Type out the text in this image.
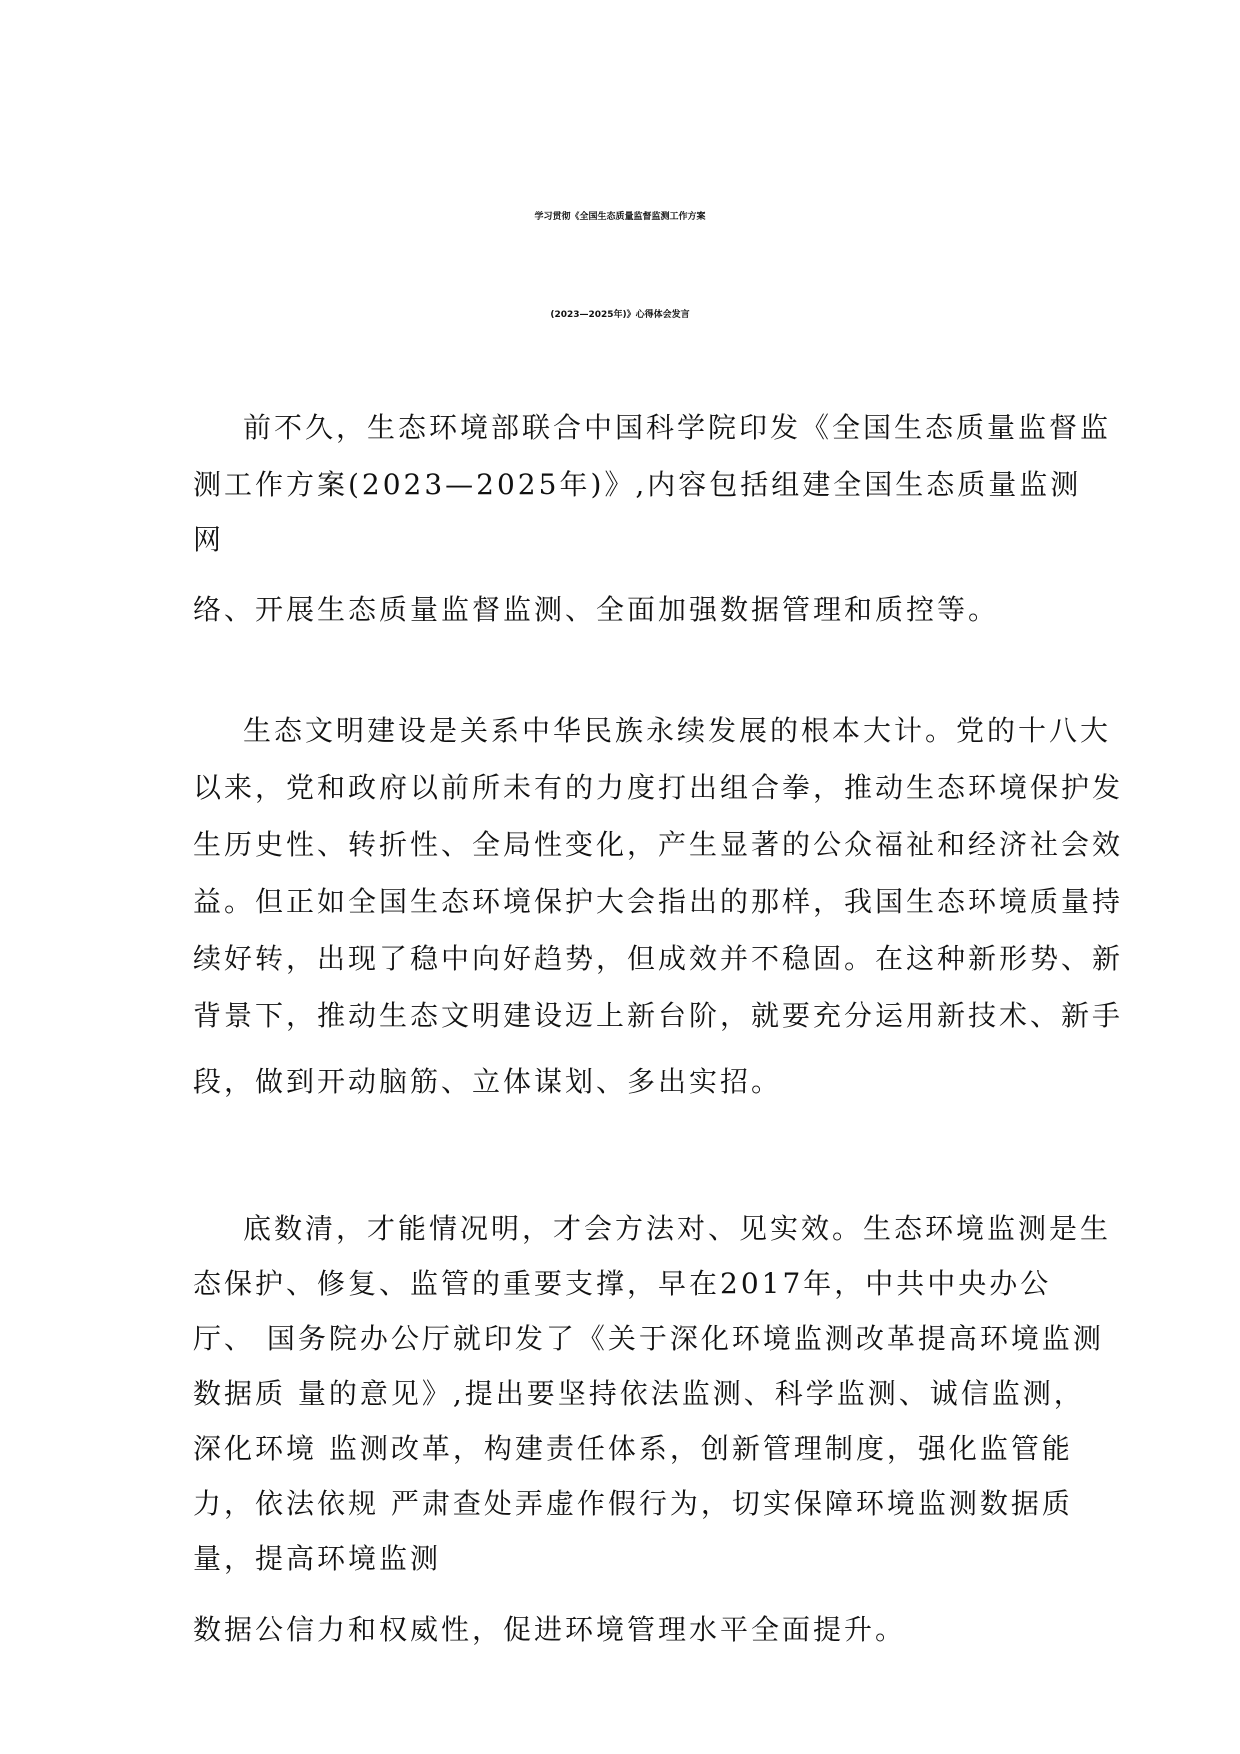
学习贯彻《全国生态质量监督监测工作方案
(2023—2025年)》心得体会发言
前不久，生态环境部联合中国科学院印发《全国生态质量监督监
测工作方案(2023—2025年)》,内容包括组建全国生态质量监测
网
络、开展生态质量监督监测、全面加强数据管理和质控等。
生态文明建设是关系中华民族永续发展的根本大计。党的十八大
以来，党和政府以前所未有的力度打出组合拳，推动生态环境保护发
生历史性、转折性、全局性变化，产生显著的公众福祉和经济社会效
益。但正如全国生态环境保护大会指出的那样，我国生态环境质量持
续好转，出现了稳中向好趋势，但成效并不稳固。在这种新形势、新
背景下，推动生态文明建设迈上新台阶，就要充分运用新技术、新手
段，做到开动脑筋、立体谋划、多出实招。
底数清，才能情况明，才会方法对、见实效。生态环境监测是生
态保护、修复、监管的重要支撑，早在2017年，中共中央办公
厅、 国务院办公厅就印发了《关于深化环境监测改革提高环境监测
数据质 量的意见》,提出要坚持依法监测、科学监测、诚信监测，
深化环境 监测改革，构建责任体系，创新管理制度，强化监管能
力，依法依规 严肃查处弄虚作假行为，切实保障环境监测数据质
量，提高环境监测
数据公信力和权威性，促进环境管理水平全面提升。
